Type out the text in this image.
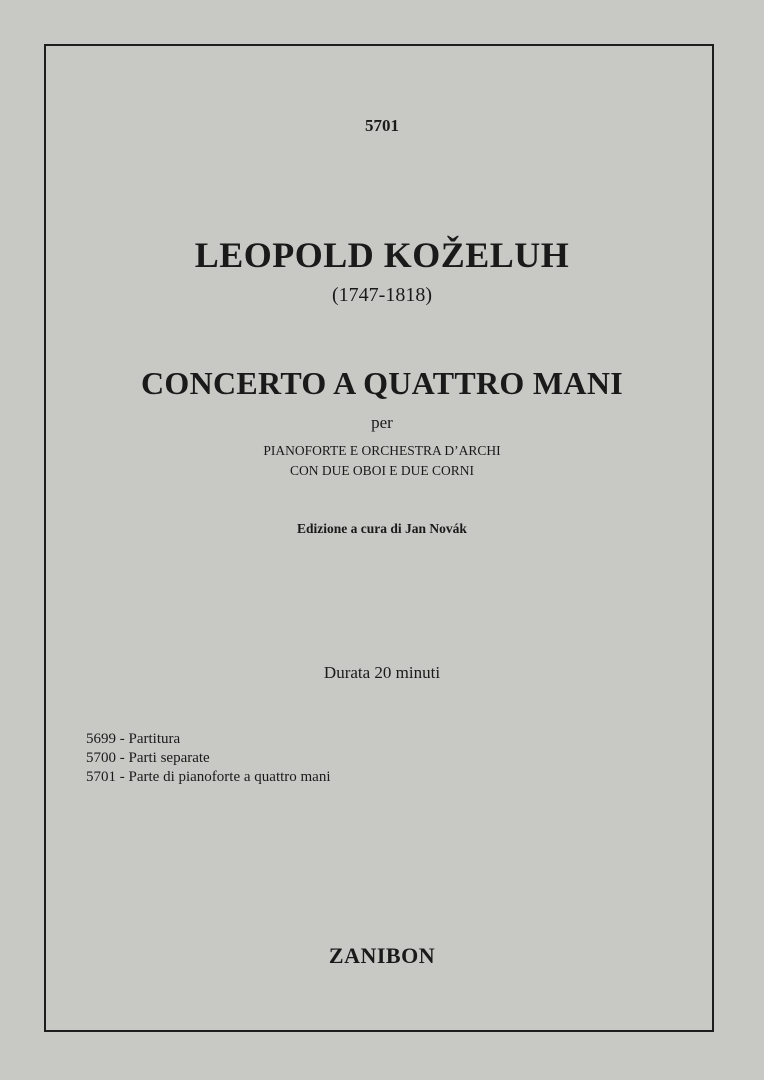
5701
LEOPOLD KOŽELUH
(1747-1818)
CONCERTO A QUATTRO MANI
per
PIANOFORTE E ORCHESTRA D’ARCHI
CON DUE OBOI E DUE CORNI
Edizione a cura di Jan Novák
Durata 20 minuti
5699 - Partitura
5700 - Parti separate
5701 - Parte di pianoforte a quattro mani
ZANIBON
